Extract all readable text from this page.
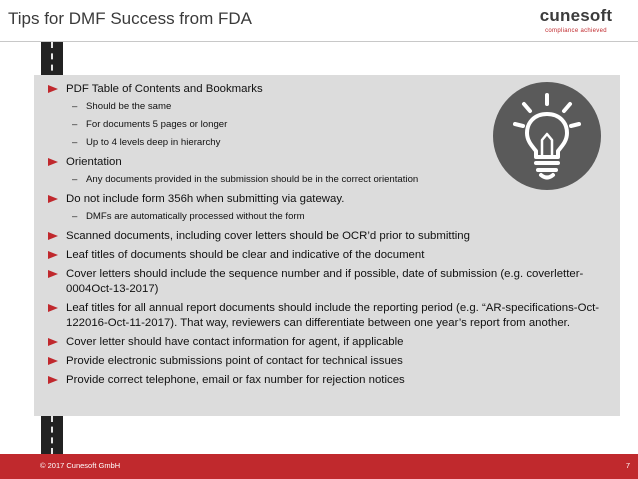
Tips for DMF Success from FDA	cunesoft
compliance achieved
PDF Table of Contents and Bookmarks
– Should be the same
– For documents 5 pages or longer
– Up to 4 levels deep in hierarchy
Orientation
– Any documents provided in the submission should be in the correct orientation
Do not include form 356h when submitting via gateway.
– DMFs are automatically processed without the form
Scanned documents, including cover letters should be OCR’d prior to submitting
Leaf titles of documents should be clear and indicative of the document
Cover letters should include the sequence number and if possible, date of submission (e.g. coverletter-0004Oct-13-2017)
Leaf titles for all annual report documents should include the reporting period (e.g. “AR-specifications-Oct-122016-Oct-11-2017). That way, reviewers can differentiate between one year’s report from another.
Cover letter should have contact information for agent, if applicable
Provide electronic submissions point of contact for technical issues
Provide correct telephone, email or fax number for rejection notices
© 2017 Cunesoft GmbH	7
